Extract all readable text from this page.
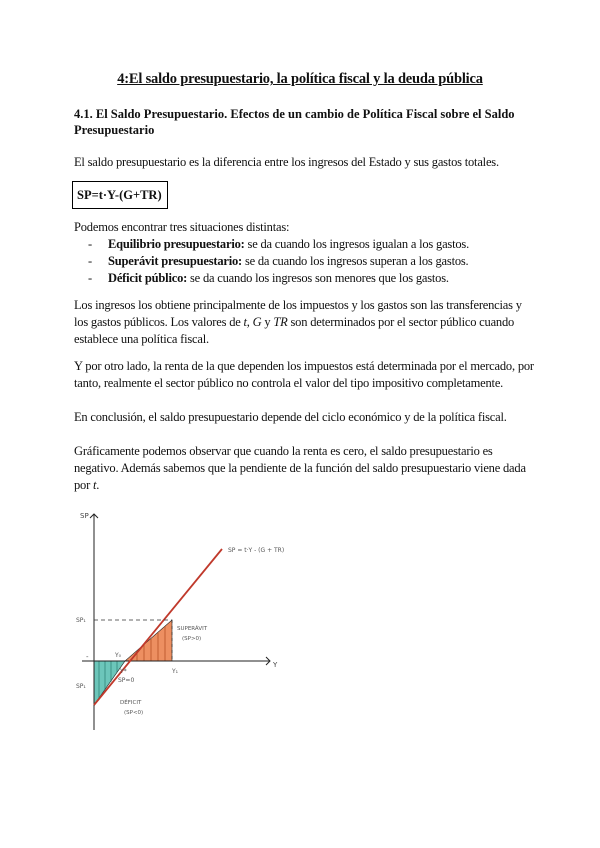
4:El saldo presupuestario, la política fiscal y la deuda pública
4.1. El Saldo Presupuestario. Efectos de un cambio de Política Fiscal sobre el Saldo Presupuestario
El saldo presupuestario es la diferencia entre los ingresos del Estado y sus gastos totales.
SP=t·Y-(G+TR)
Podemos encontrar tres situaciones distintas:
- Equilibrio presupuestario: se da cuando los ingresos igualan a los gastos.
- Superávit presupuestario: se da cuando los ingresos superan a los gastos.
- Déficit público: se da cuando los ingresos son menores que los gastos.
Los ingresos los obtiene principalmente de los impuestos y los gastos son las transferencias y los gastos públicos. Los valores de t, G y TR son determinados por el sector público cuando establece una política fiscal.
Y por otro lado, la renta de la que dependen los impuestos está determinada por el mercado, por tanto, realmente el sector público no controla el valor del tipo impositivo completamente.
En conclusión, el saldo presupuestario depende del ciclo económico y de la política fiscal.
Gráficamente podemos observar que cuando la renta es cero, el saldo presupuestario es negativo. Además sabemos que la pendiente de la función del saldo presupuestario viene dada por t.
SP
Y
SP = t·Y - (G + TR)
SP₁
Y₀
Y₁
Y*
SP=0
-
SUPERÁVIT
(SP>0)
DÉFICIT
(SP<0)
SP₁
